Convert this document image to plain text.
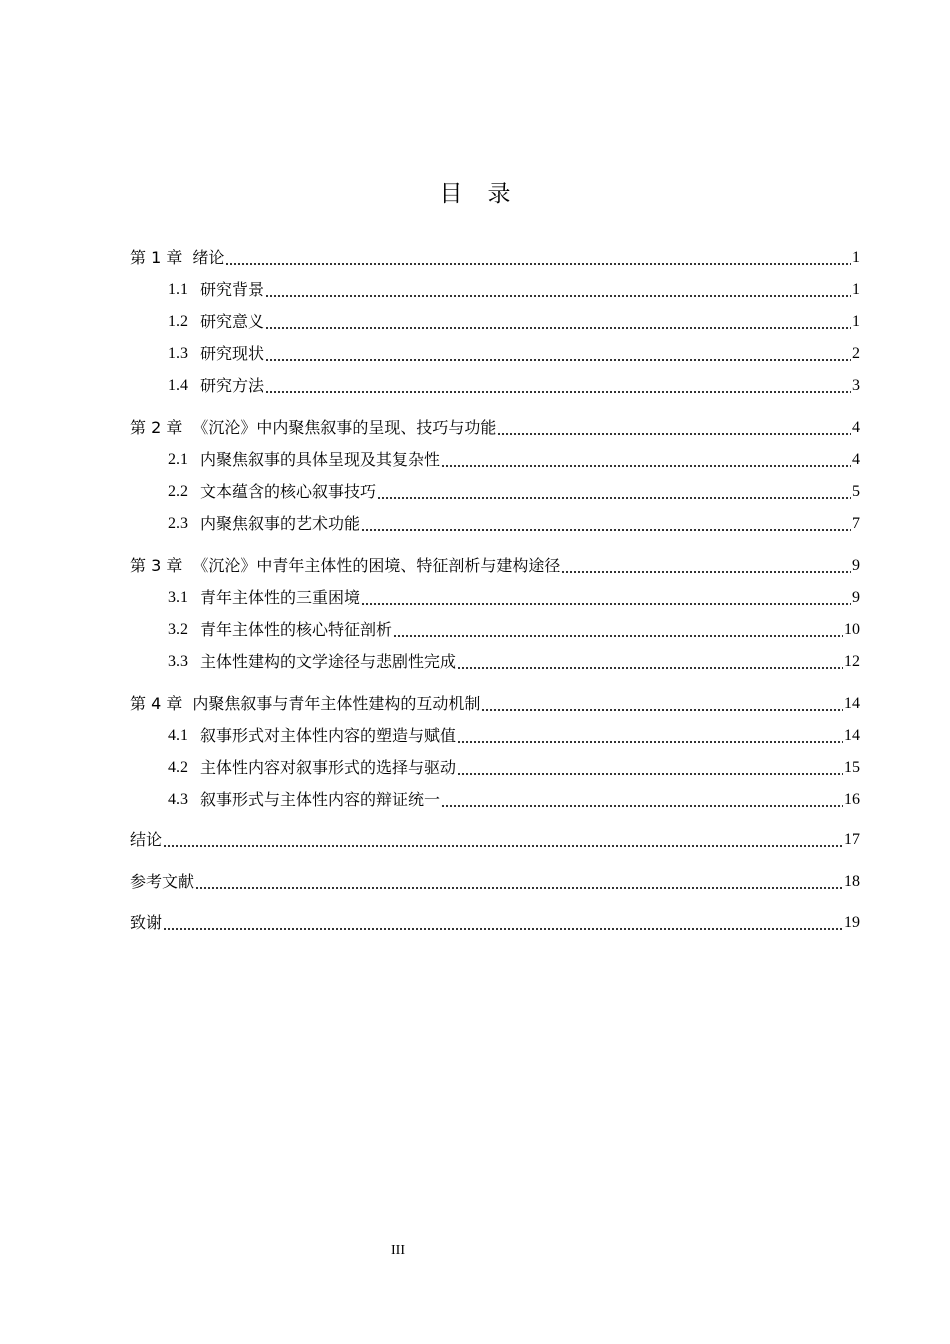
目录
第 1 章 绪论	1
1.1 研究背景	1
1.2 研究意义	1
1.3 研究现状	2
1.4 研究方法	3
第 2 章 《沉沦》中内聚焦叙事的呈现、技巧与功能	4
2.1 内聚焦叙事的具体呈现及其复杂性	4
2.2 文本蕴含的核心叙事技巧	5
2.3 内聚焦叙事的艺术功能	7
第 3 章 《沉沦》中青年主体性的困境、特征剖析与建构途径	9
3.1 青年主体性的三重困境	9
3.2 青年主体性的核心特征剖析	10
3.3 主体性建构的文学途径与悲剧性完成	12
第 4 章 内聚焦叙事与青年主体性建构的互动机制	14
4.1 叙事形式对主体性内容的塑造与赋值	14
4.2 主体性内容对叙事形式的选择与驱动	15
4.3 叙事形式与主体性内容的辩证统一	16
结论	17
参考文献	18
致谢	19
III
